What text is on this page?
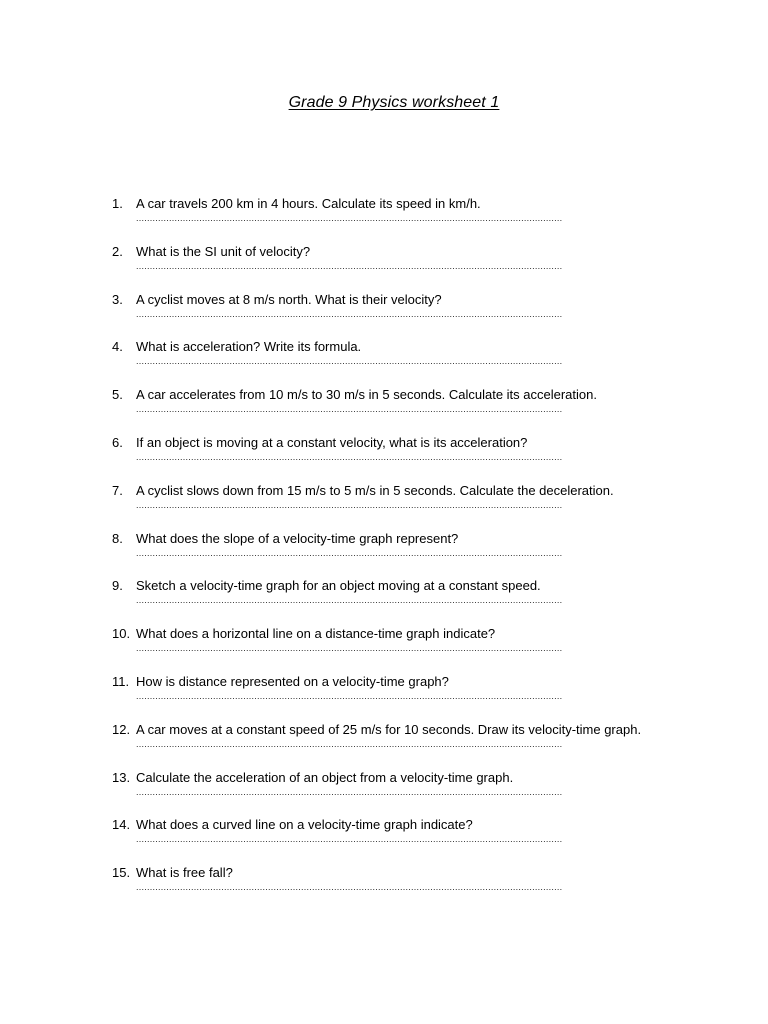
Grade 9 Physics worksheet 1
1.	A car travels 200 km in 4 hours. Calculate its speed in km/h.
...........................................................................................................................................................
2.	What is the SI unit of velocity?
...........................................................................................................................................................
3.	A cyclist moves at 8 m/s north. What is their velocity?
...........................................................................................................................................................
4.	What is acceleration? Write its formula.
...........................................................................................................................................................
5.	A car accelerates from 10 m/s to 30 m/s in 5 seconds. Calculate its acceleration.
...........................................................................................................................................................
6.	If an object is moving at a constant velocity, what is its acceleration?
...........................................................................................................................................................
7.	A cyclist slows down from 15 m/s to 5 m/s in 5 seconds. Calculate the deceleration.
...........................................................................................................................................................
8.	What does the slope of a velocity-time graph represent?
...........................................................................................................................................................
9.	Sketch a velocity-time graph for an object moving at a constant speed.
...........................................................................................................................................................
10. What does a horizontal line on a distance-time graph indicate?
...........................................................................................................................................................
11. How is distance represented on a velocity-time graph?
...........................................................................................................................................................
12. A car moves at a constant speed of 25 m/s for 10 seconds. Draw its velocity-time graph.
...........................................................................................................................................................
13. Calculate the acceleration of an object from a velocity-time graph.
...........................................................................................................................................................
14. What does a curved line on a velocity-time graph indicate?
...........................................................................................................................................................
15. What is free fall?
...........................................................................................................................................................
